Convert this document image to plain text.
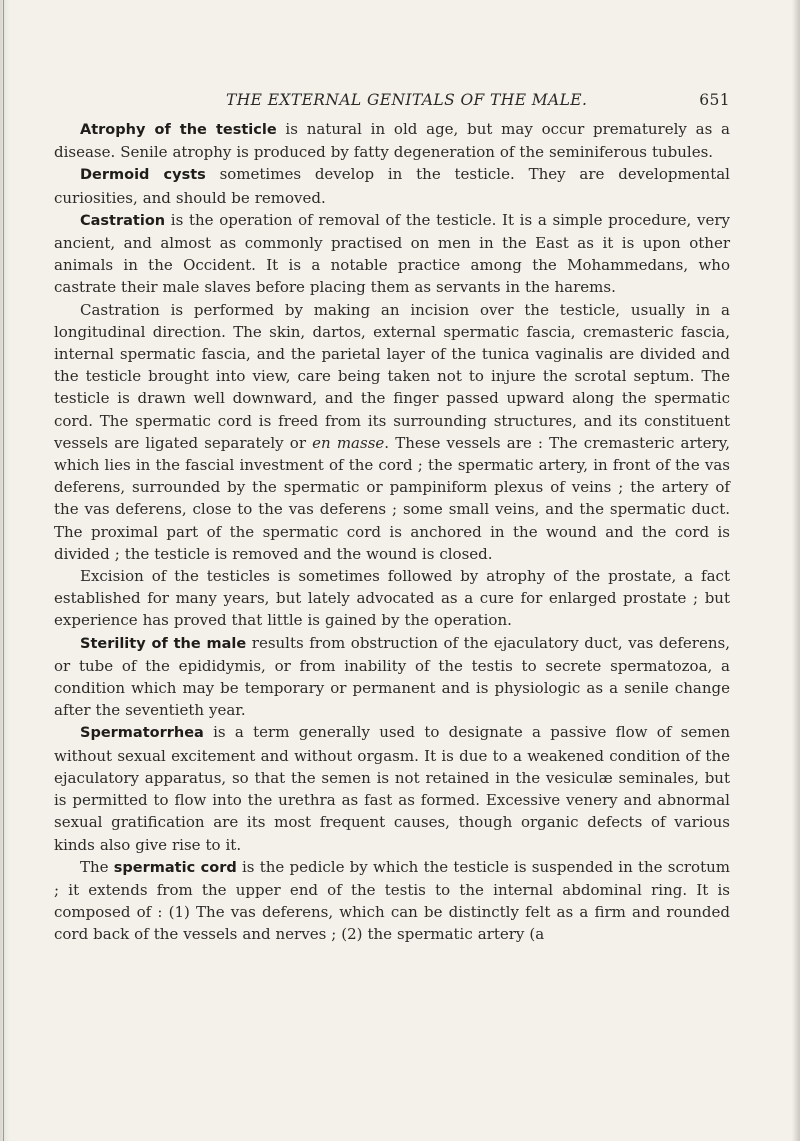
THE EXTERNAL GENITALS OF THE MALE.	651

Atrophy of the testicle is natural in old age, but may occur prematurely as a disease. Senile atrophy is produced by fatty degeneration of the seminiferous tubules.

Dermoid cysts sometimes develop in the testicle. They are developmental curiosities, and should be removed.

Castration is the operation of removal of the testicle. It is a simple procedure, very ancient, and almost as commonly practised on men in the East as it is upon other animals in the Occident. It is a notable practice among the Mohammedans, who castrate their male slaves before placing them as servants in the harems.

Castration is performed by making an incision over the testicle, usually in a longitudinal direction. The skin, dartos, external spermatic fascia, cremasteric fascia, internal spermatic fascia, and the parietal layer of the tunica vaginalis are divided and the testicle brought into view, care being taken not to injure the scrotal septum. The testicle is drawn well downward, and the finger passed upward along the spermatic cord. The spermatic cord is freed from its surrounding structures, and its constituent vessels are ligated separately or en masse. These vessels are : The cremasteric artery, which lies in the fascial investment of the cord ; the spermatic artery, in front of the vas deferens, surrounded by the spermatic or pampiniform plexus of veins ; the artery of the vas deferens, close to the vas deferens ; some small veins, and the spermatic duct. The proximal part of the spermatic cord is anchored in the wound and the cord is divided ; the testicle is removed and the wound is closed.

Excision of the testicles is sometimes followed by atrophy of the prostate, a fact established for many years, but lately advocated as a cure for enlarged prostate ; but experience has proved that little is gained by the operation.

Sterility of the male results from obstruction of the ejaculatory duct, vas deferens, or tube of the epididymis, or from inability of the testis to secrete spermatozoa, a condition which may be temporary or permanent and is physiologic as a senile change after the seventieth year.

Spermatorrhea is a term generally used to designate a passive flow of semen without sexual excitement and without orgasm. It is due to a weakened condition of the ejaculatory apparatus, so that the semen is not retained in the vesiculæ seminales, but is permitted to flow into the urethra as fast as formed. Excessive venery and abnormal sexual gratification are its most frequent causes, though organic defects of various kinds also give rise to it.

The spermatic cord is the pedicle by which the testicle is suspended in the scrotum ; it extends from the upper end of the testis to the internal abdominal ring. It is composed of : (1) The vas deferens, which can be distinctly felt as a firm and rounded cord back of the vessels and nerves ; (2) the spermatic artery (a
